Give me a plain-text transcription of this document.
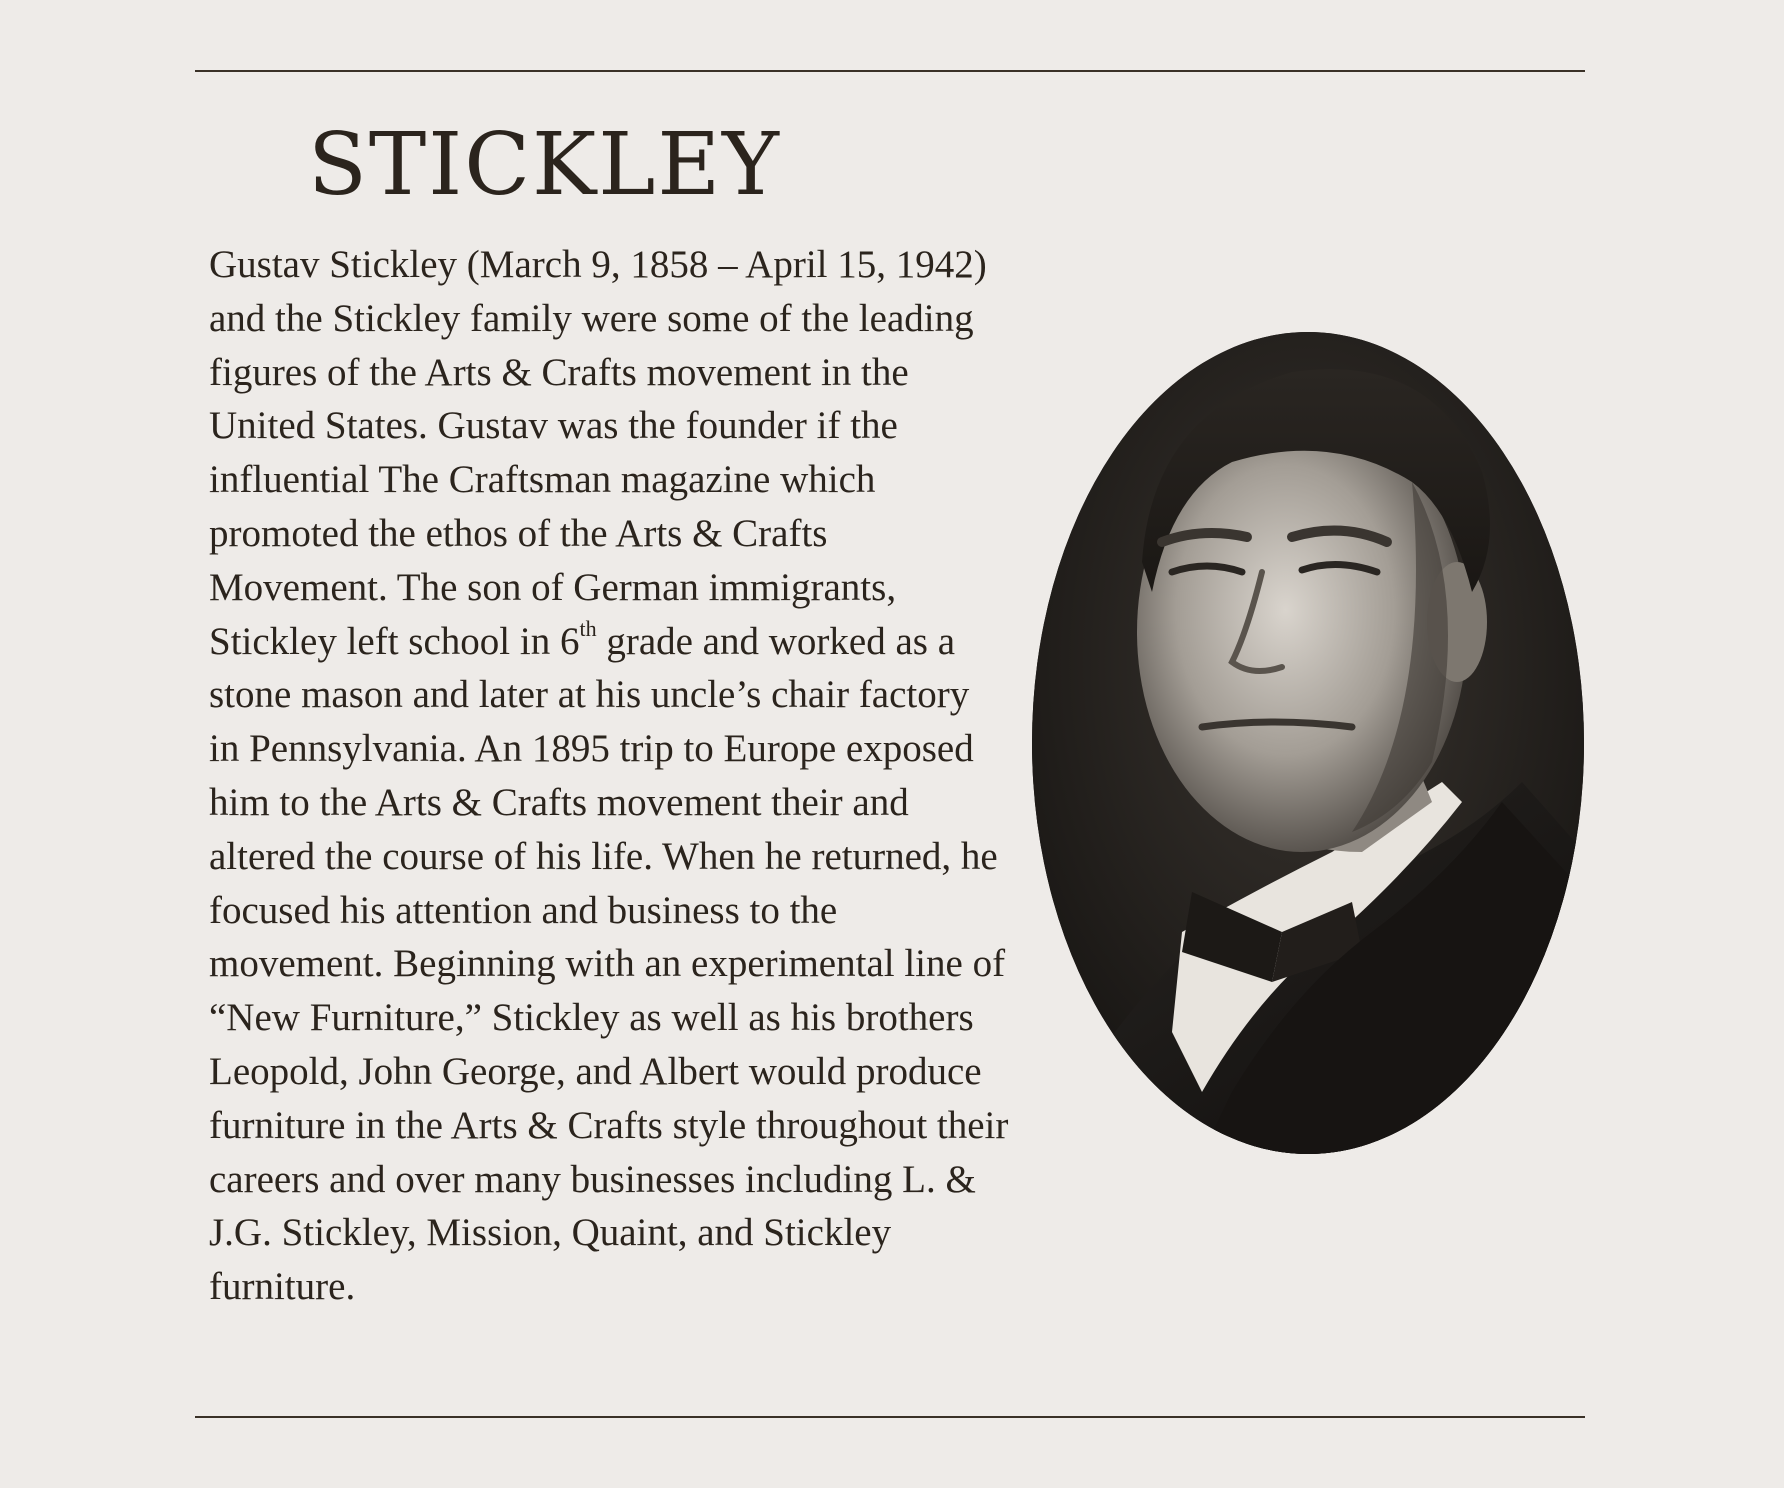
STICKLEY

Gustav Stickley (March 9, 1858 – April 15, 1942) and the Stickley family were some of the leading figures of the Arts & Crafts movement in the United States. Gustav was the founder if the influential The Craftsman magazine which promoted the ethos of the Arts & Crafts Movement. The son of German immigrants, Stickley left school in 6th grade and worked as a stone mason and later at his uncle’s chair factory in Pennsylvania. An 1895 trip to Europe exposed him to the Arts & Crafts movement their and altered the course of his life. When he returned, he focused his attention and business to the movement. Beginning with an experimental line of “New Furniture,” Stickley as well as his brothers Leopold, John George, and Albert would produce furniture in the Arts & Crafts style throughout their careers and over many businesses including L. & J.G. Stickley, Mission, Quaint, and Stickley furniture.
